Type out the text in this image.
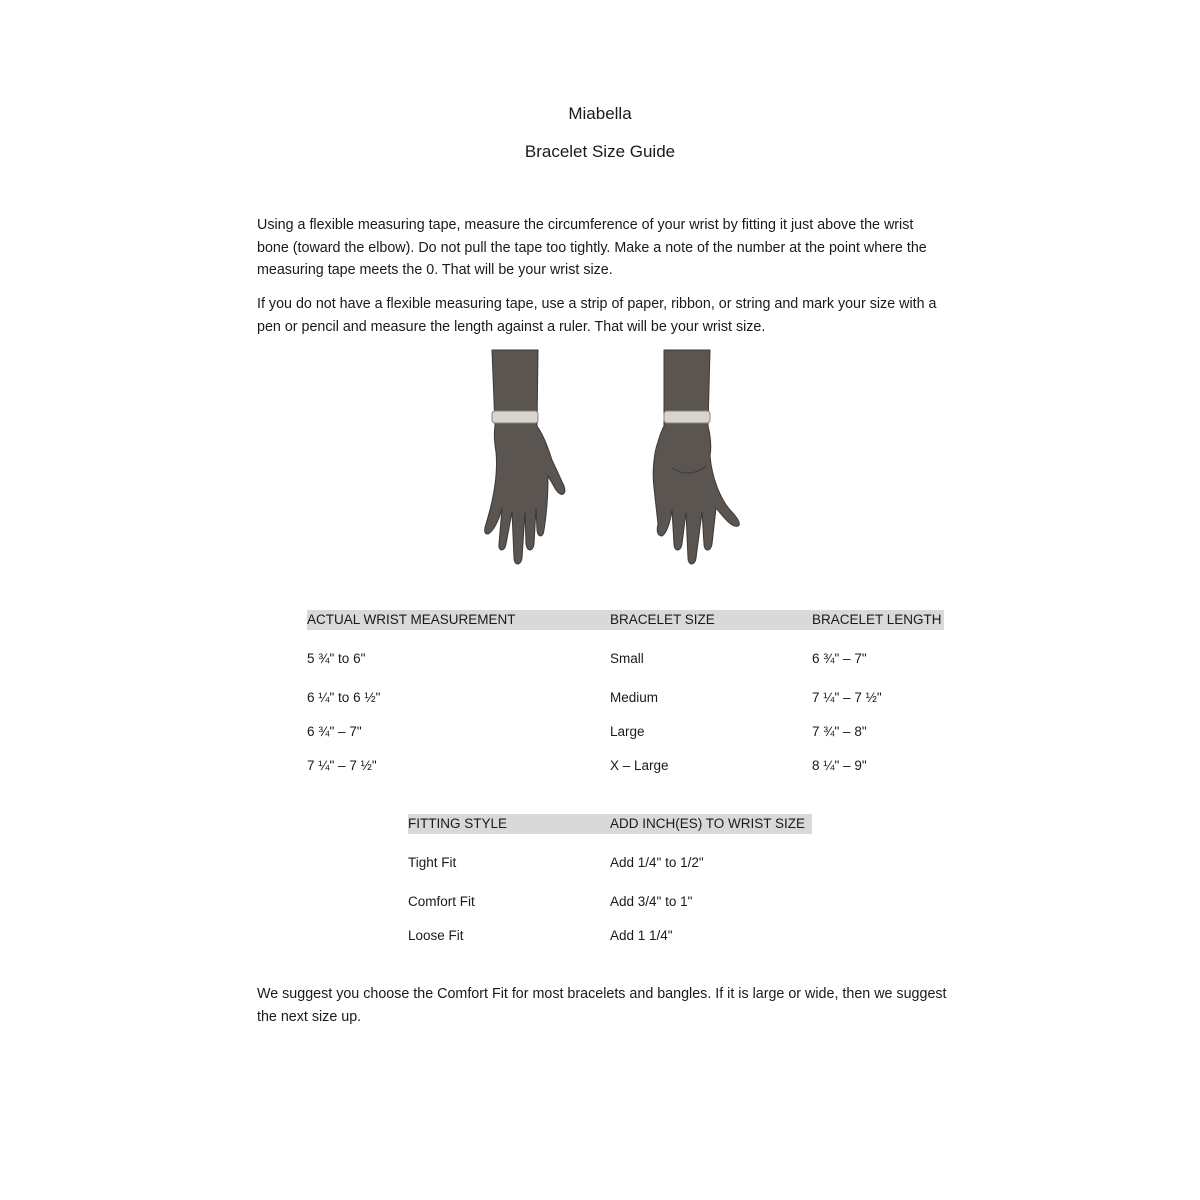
Miabella
Bracelet Size Guide

Using a flexible measuring tape, measure the circumference of your wrist by fitting it just above the wrist bone (toward the elbow). Do not pull the tape too tightly. Make a note of the number at the point where the measuring tape meets the 0. That will be your wrist size.

If you do not have a flexible measuring tape, use a strip of paper, ribbon, or string and mark your size with a pen or pencil and measure the length against a ruler. That will be your wrist size.

ACTUAL WRIST MEASUREMENT	BRACELET SIZE	BRACELET LENGTH
5 ¾" to 6"	Small	6 ¾" – 7"
6 ¼" to 6 ½"	Medium	7 ¼" – 7 ½"
6 ¾" – 7"	Large	7 ¾" – 8"
7 ¼" – 7 ½"	X – Large	8 ¼" – 9"
FITTING STYLE	ADD INCH(ES) TO WRIST SIZE
Tight Fit	Add 1/4" to 1/2"
Comfort Fit	Add 3/4" to 1"
Loose Fit	Add 1 1/4"

We suggest you choose the Comfort Fit for most bracelets and bangles. If it is large or wide, then we suggest the next size up.
